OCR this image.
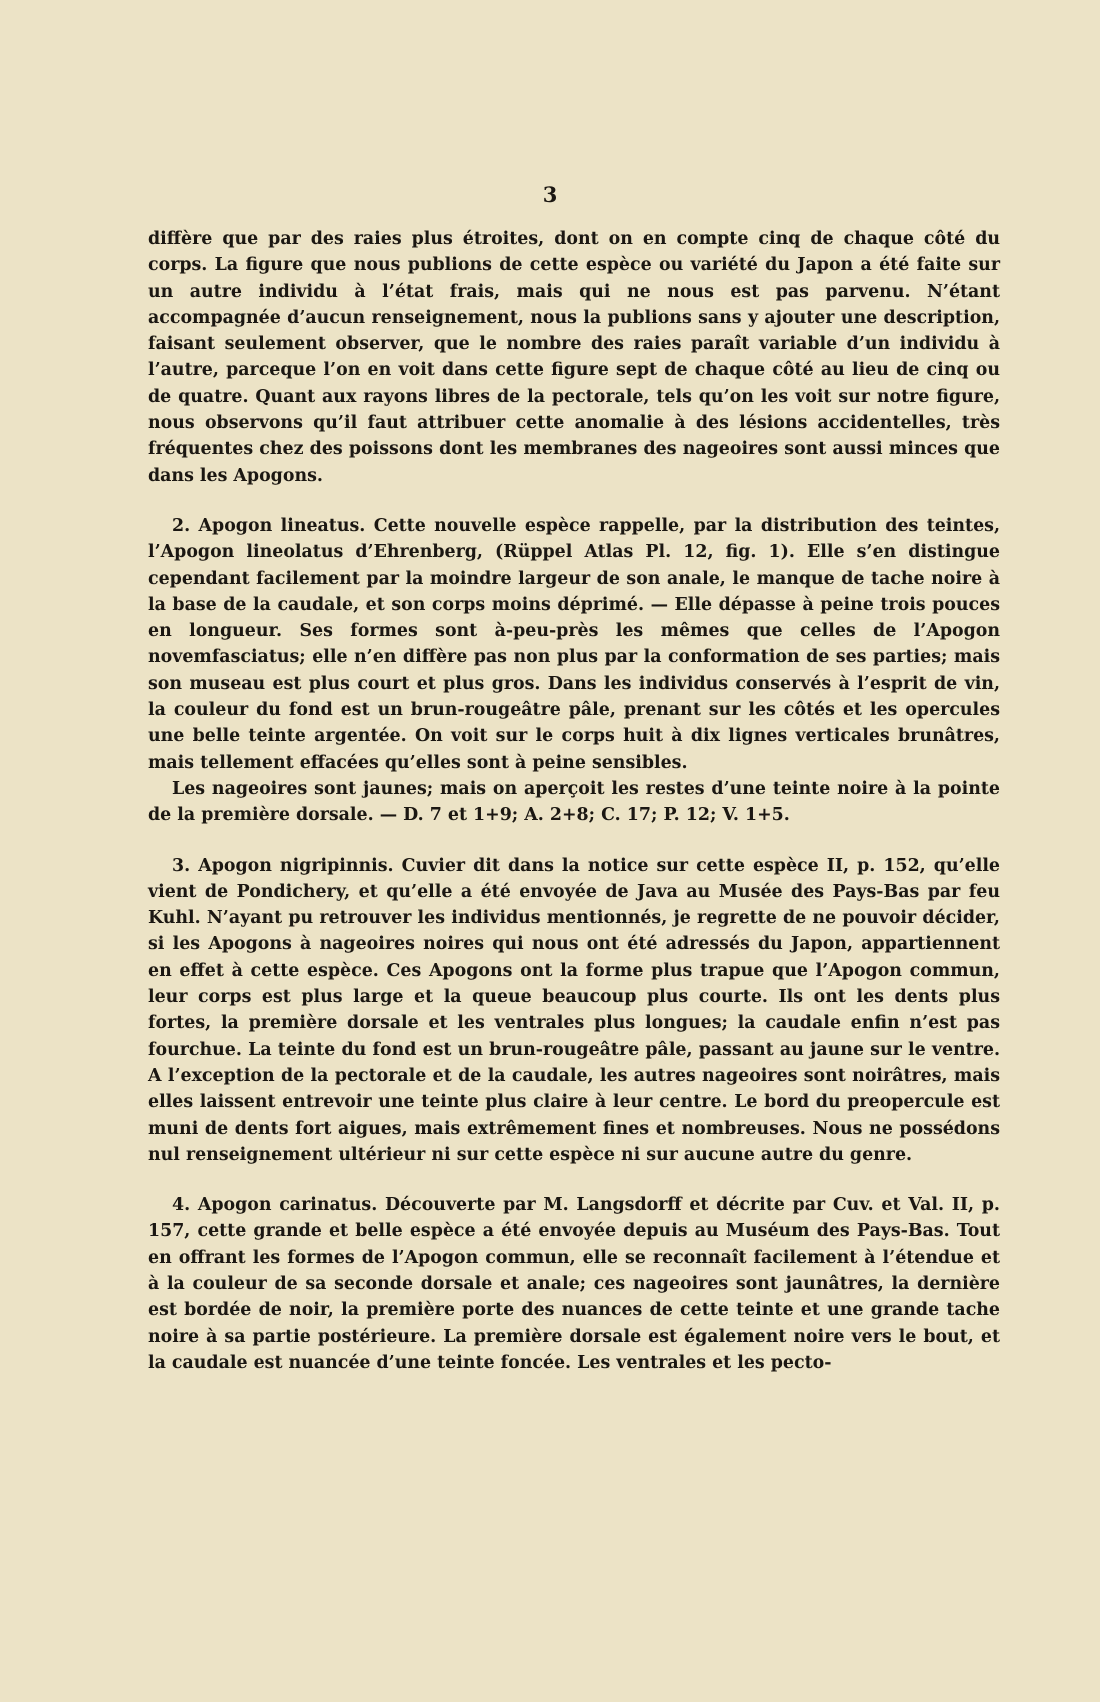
3

diffère que par des raies plus étroites, dont on en compte cinq de chaque côté du corps. La figure que nous publions de cette espèce ou variété du Japon a été faite sur un autre individu à l’état frais, mais qui ne nous est pas parvenu. N’étant accompagnée d’aucun renseignement, nous la publions sans y ajouter une description, faisant seulement observer, que le nombre des raies paraît variable d’un individu à l’autre, parceque l’on en voit dans cette figure sept de chaque côté au lieu de cinq ou de quatre. Quant aux rayons libres de la pectorale, tels qu’on les voit sur notre figure, nous observons qu’il faut attribuer cette anomalie à des lésions accidentelles, très fréquentes chez des poissons dont les membranes des nageoires sont aussi minces que dans les Apogons.

2. Apogon lineatus. Cette nouvelle espèce rappelle, par la distribution des teintes, l’Apogon lineolatus d’Ehrenberg, (Rüppel Atlas Pl. 12, fig. 1). Elle s’en distingue cependant facilement par la moindre largeur de son anale, le manque de tache noire à la base de la caudale, et son corps moins déprimé. — Elle dépasse à peine trois pouces en longueur. Ses formes sont à-peu-près les mêmes que celles de l’Apogon novemfasciatus; elle n’en diffère pas non plus par la conformation de ses parties; mais son museau est plus court et plus gros. Dans les individus conservés à l’esprit de vin, la couleur du fond est un brun-rougeâtre pâle, prenant sur les côtés et les opercules une belle teinte argentée. On voit sur le corps huit à dix lignes verticales brunâtres, mais tellement effacées qu’elles sont à peine sensibles.

Les nageoires sont jaunes; mais on aperçoit les restes d’une teinte noire à la pointe de la première dorsale. — D. 7 et 1+9; A. 2+8; C. 17; P. 12; V. 1+5.

3. Apogon nigripinnis. Cuvier dit dans la notice sur cette espèce II, p. 152, qu’elle vient de Pondichery, et qu’elle a été envoyée de Java au Musée des Pays-Bas par feu Kuhl. N’ayant pu retrouver les individus mentionnés, je regrette de ne pouvoir décider, si les Apogons à nageoires noires qui nous ont été adressés du Japon, appartiennent en effet à cette espèce. Ces Apogons ont la forme plus trapue que l’Apogon commun, leur corps est plus large et la queue beaucoup plus courte. Ils ont les dents plus fortes, la première dorsale et les ventrales plus longues; la caudale enfin n’est pas fourchue. La teinte du fond est un brun-rougeâtre pâle, passant au jaune sur le ventre. A l’exception de la pectorale et de la caudale, les autres nageoires sont noirâtres, mais elles laissent entrevoir une teinte plus claire à leur centre. Le bord du preopercule est muni de dents fort aigues, mais extrêmement fines et nombreuses. Nous ne possédons nul renseignement ultérieur ni sur cette espèce ni sur aucune autre du genre.

4. Apogon carinatus. Découverte par M. Langsdorff et décrite par Cuv. et Val. II, p. 157, cette grande et belle espèce a été envoyée depuis au Muséum des Pays-Bas. Tout en offrant les formes de l’Apogon commun, elle se reconnaît facilement à l’étendue et à la couleur de sa seconde dorsale et anale; ces nageoires sont jaunâtres, la dernière est bordée de noir, la première porte des nuances de cette teinte et une grande tache noire à sa partie postérieure. La première dorsale est également noire vers le bout, et la caudale est nuancée d’une teinte foncée. Les ventrales et les pecto-
